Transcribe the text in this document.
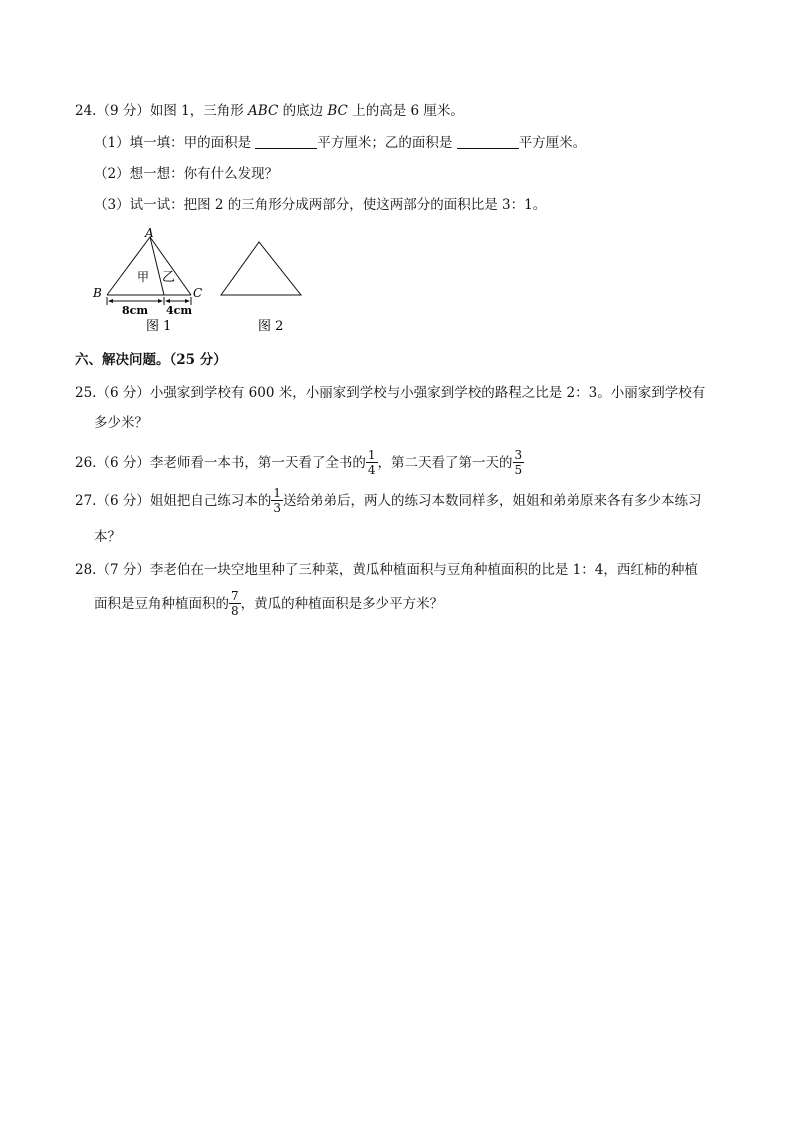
24.（9 分）如图 1，三角形 ABC 的底边 BC 上的高是 6 厘米。
（1）填一填：甲的面积是	平方厘米；乙的面积是	平方厘米。
（2）想一想：你有什么发现？
（3）试一试：把图 2 的三角形分成两部分，使这两部分的面积比是 3：1。
A
B	C
甲 乙
8cm 4cm
图 1	图 2
六、解决问题。（25 分）
25.（6 分）小强家到学校有 600 米，小丽家到学校与小强家到学校的路程之比是 2：3。小丽家到学校有
多少米？
26.（6 分）李老师看一本书，第一天看了全书的 $\frac{1}{4}$ ，第二天看了第一天的 $\frac{3}{5}$
27.（6 分）姐姐把自己练习本的 $\frac{1}{3}$ 送给弟弟后，两人的练习本数同样多，姐姐和弟弟原来各有多少本练习
本？
28.（7 分）李老伯在一块空地里种了三种菜，黄瓜种植面积与豆角种植面积的比是 1：4，西红柿的种植
面积是豆角种植面积的 $\frac{7}{8}$ ，黄瓜的种植面积是多少平方米？
